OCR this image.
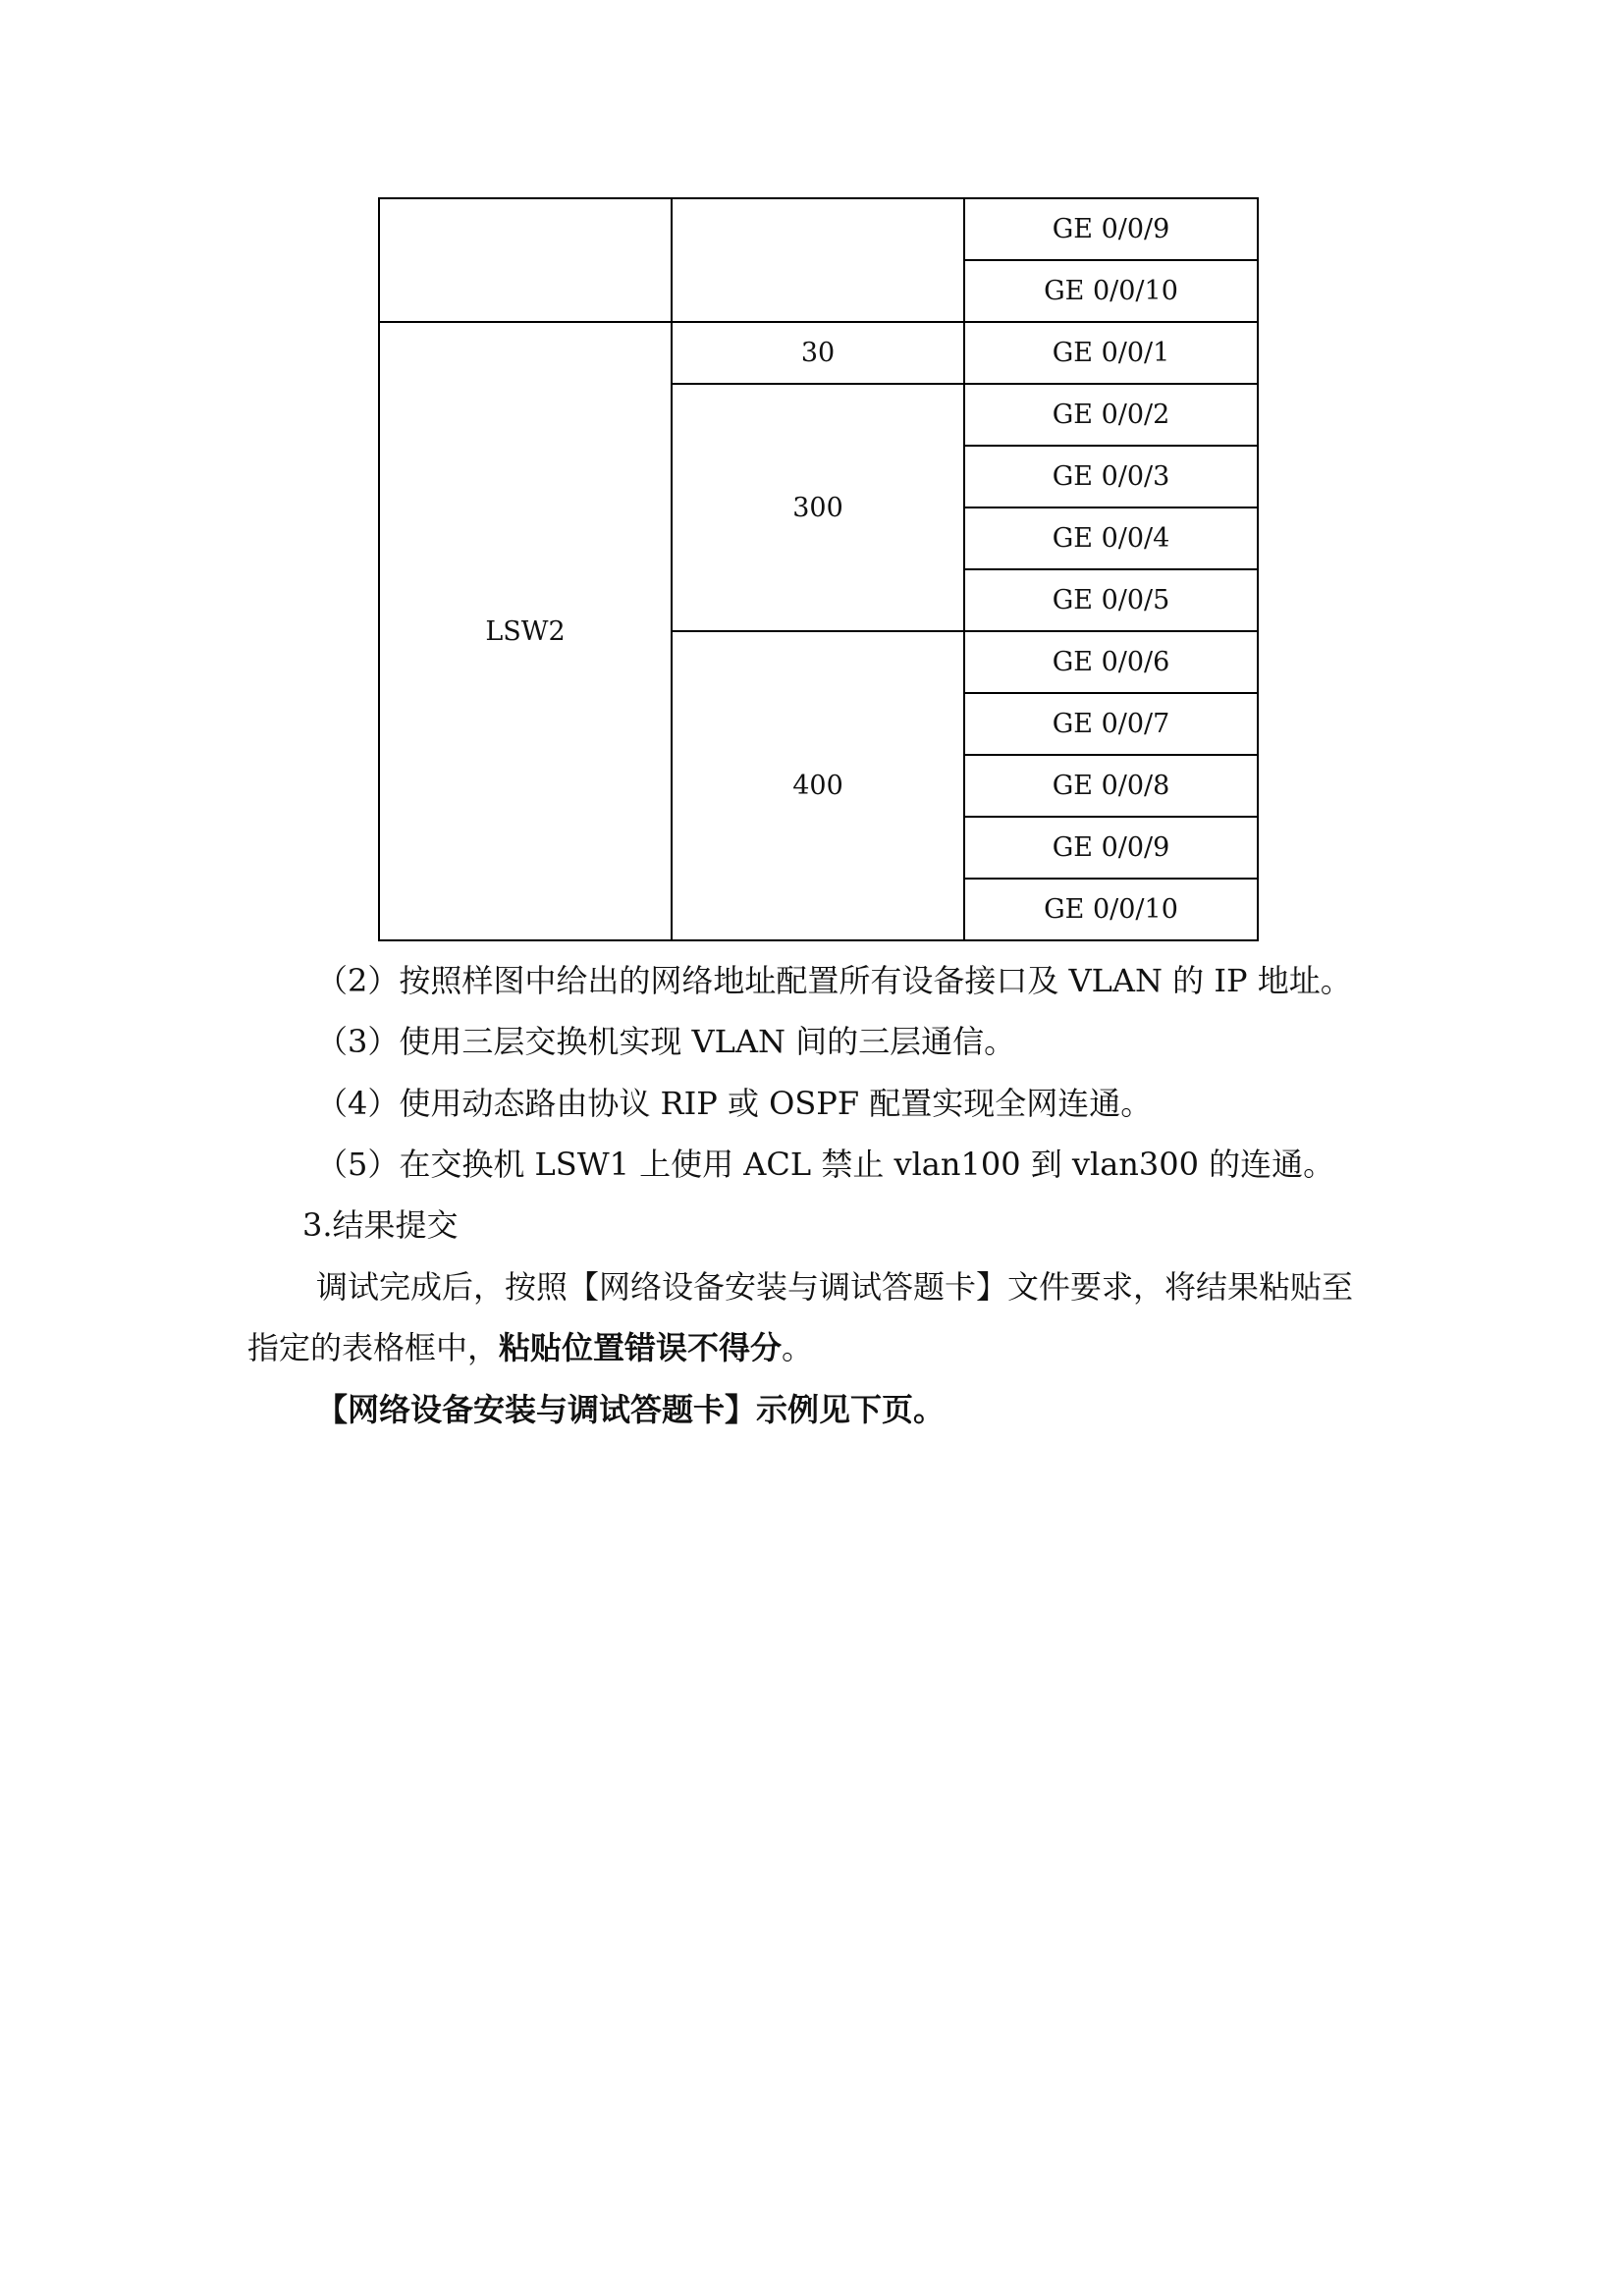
		GE 0/0/9
		GE 0/0/10
LSW2	30	GE 0/0/1
	300	GE 0/0/2
		GE 0/0/3
		GE 0/0/4
		GE 0/0/5
	400	GE 0/0/6
		GE 0/0/7
		GE 0/0/8
		GE 0/0/9
		GE 0/0/10
（2）按照样图中给出的网络地址配置所有设备接口及 VLAN 的 IP 地址。
（3）使用三层交换机实现 VLAN 间的三层通信。
（4）使用动态路由协议 RIP 或 OSPF 配置实现全网连通。
（5）在交换机 LSW1 上使用 ACL 禁止 vlan100 到 vlan300 的连通。
3.结果提交
调试完成后，按照【网络设备安装与调试答题卡】文件要求，将结果粘贴至
指定的表格框中，粘贴位置错误不得分。
【网络设备安装与调试答题卡】示例见下页。
